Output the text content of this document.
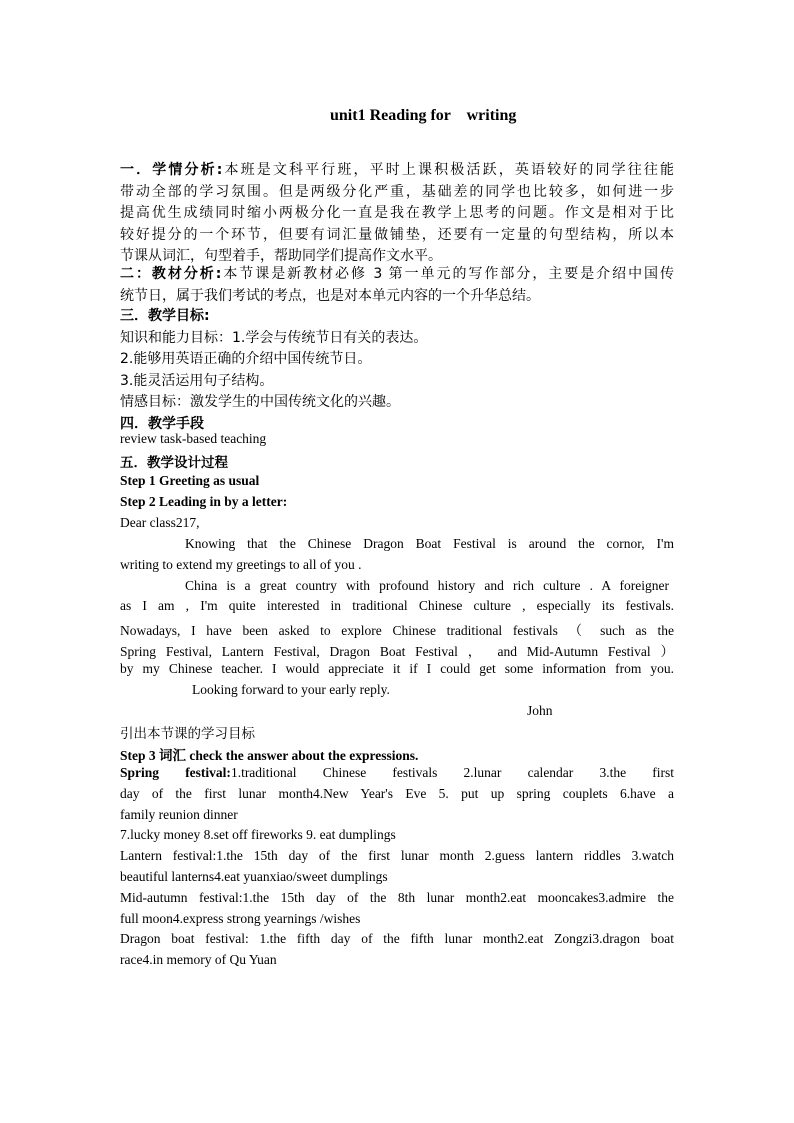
unit1 Reading for    writing
一．学情分析:本班是文科平行班，平时上课积极活跃，英语较好的同学往往能
带动全部的学习氛围。但是两级分化严重，基础差的同学也比较多，如何进一步
提高优生成绩同时缩小两极分化一直是我在教学上思考的问题。作文是相对于比
较好提分的一个环节，但要有词汇量做铺垫，还要有一定量的句型结构，所以本
节课从词汇，句型着手，帮助同学们提高作文水平。
二：教材分析:本节课是新教材必修 3 第一单元的写作部分，主要是介绍中国传
统节日，属于我们考试的考点，也是对本单元内容的一个升华总结。
三．教学目标:
知识和能力目标：1.学会与传统节日有关的表达。
2.能够用英语正确的介绍中国传统节日。
3.能灵活运用句子结构。
情感目标：激发学生的中国传统文化的兴趣。
四．教学手段
review task-based teaching
五．教学设计过程
Step 1 Greeting as usual
Step 2 Leading in by a letter:
Dear class217,
Knowing that the Chinese Dragon Boat Festival is around the cornor, I'm
writing to extend my greetings to all of you .
China is a great country with profound history and rich culture . A foreigner
as I am , I'm quite interested in traditional Chinese culture , especially its festivals.
Nowadays, I have been asked to explore Chinese traditional festivals （ such as the
Spring Festival, Lantern Festival, Dragon Boat Festival ， and Mid-Autumn Festival ）
by my Chinese teacher. I would appreciate it if I could get some information from you.
Looking forward to your early reply.
John
引出本节课的学习目标
Step 3 词汇 check the answer about the expressions.
Spring festival:1.traditional Chinese festivals 2.lunar calendar 3.the first
day of the first lunar month4.New Year's Eve 5. put up spring couplets 6.have a
family reunion dinner
7.lucky money 8.set off fireworks 9. eat dumplings
Lantern festival:1.the 15th day of the first lunar month 2.guess lantern riddles 3.watch
beautiful lanterns4.eat yuanxiao/sweet dumplings
Mid-autumn festival:1.the 15th day of the 8th lunar month2.eat mooncakes3.admire the
full moon4.express strong yearnings /wishes
Dragon boat festival: 1.the fifth day of the fifth lunar month2.eat Zongzi3.dragon boat
race4.in memory of Qu Yuan
